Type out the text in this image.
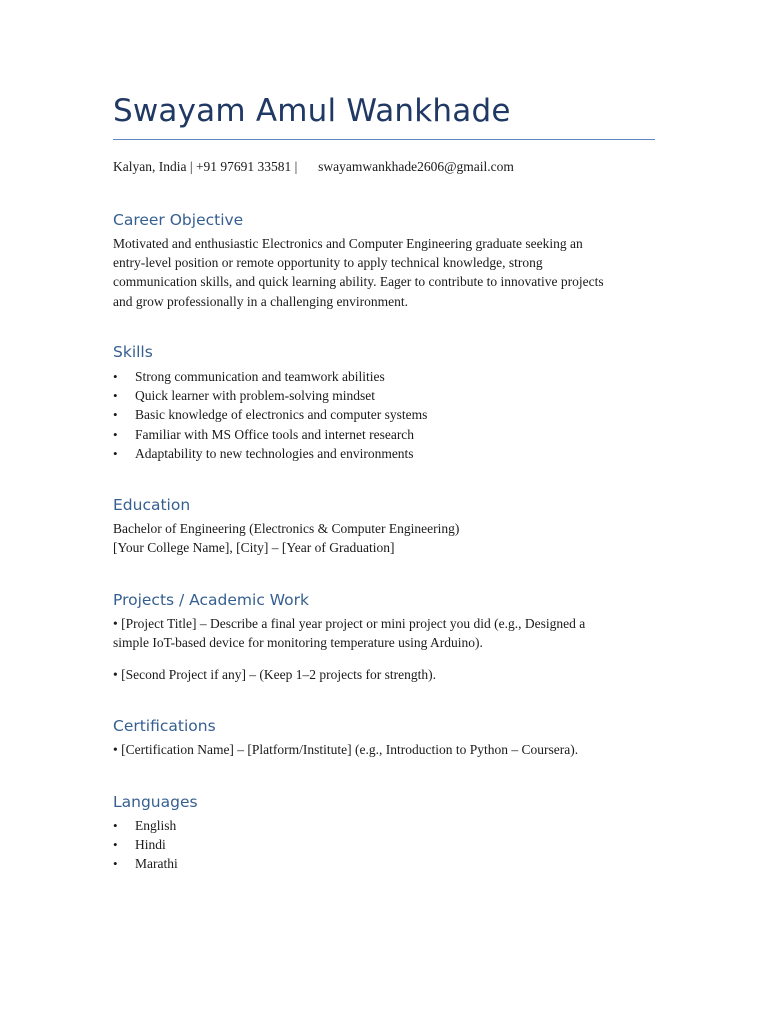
Swayam Amul Wankhade
Kalyan, India | +91 97691 33581 | swayamwankhade2606@gmail.com
Career Objective
Motivated and enthusiastic Electronics and Computer Engineering graduate seeking an
entry-level position or remote opportunity to apply technical knowledge, strong
communication skills, and quick learning ability. Eager to contribute to innovative projects
and grow professionally in a challenging environment.
Skills
• Strong communication and teamwork abilities
• Quick learner with problem-solving mindset
• Basic knowledge of electronics and computer systems
• Familiar with MS Office tools and internet research
• Adaptability to new technologies and environments
Education
Bachelor of Engineering (Electronics & Computer Engineering)
[Your College Name], [City] – [Year of Graduation]
Projects / Academic Work
• [Project Title] – Describe a final year project or mini project you did (e.g., Designed a
simple IoT-based device for monitoring temperature using Arduino).
• [Second Project if any] – (Keep 1–2 projects for strength).
Certifications
• [Certification Name] – [Platform/Institute] (e.g., Introduction to Python – Coursera).
Languages
• English
• Hindi
• Marathi
